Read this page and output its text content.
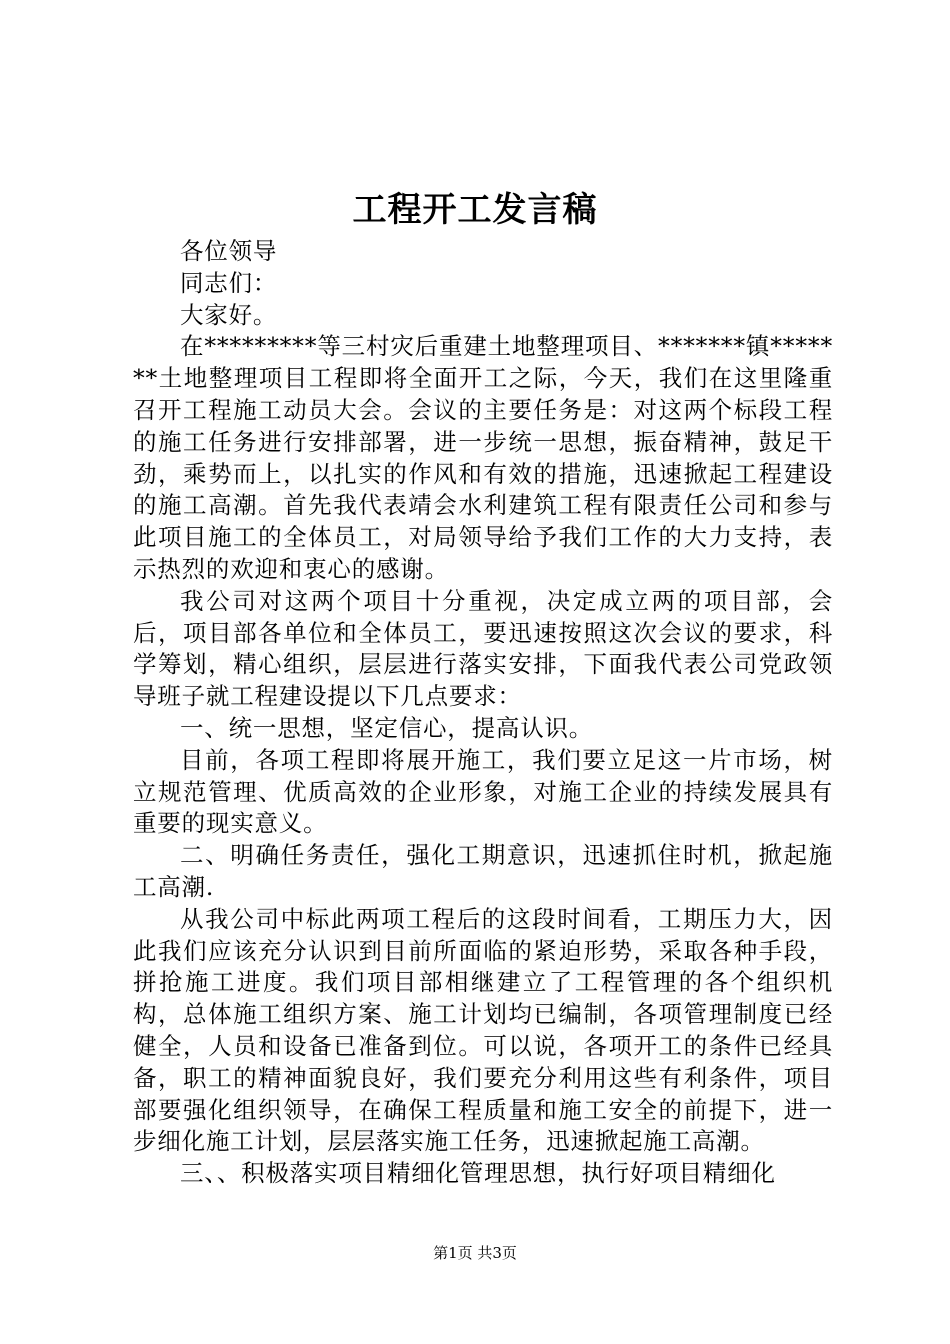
工程开工发言稿

各位领导

同志们：

大家好。

在*********等三村灾后重建土地整理项目、*******镇*******土地整理项目工程即将全面开工之际，今天，我们在这里隆重召开工程施工动员大会。会议的主要任务是：对这两个标段工程的施工任务进行安排部署，进一步统一思想，振奋精神，鼓足干劲，乘势而上，以扎实的作风和有效的措施，迅速掀起工程建设的施工高潮。首先我代表靖会水利建筑工程有限责任公司和参与此项目施工的全体员工，对局领导给予我们工作的大力支持，表示热烈的欢迎和衷心的感谢。

我公司对这两个项目十分重视，决定成立两的项目部，会后，项目部各单位和全体员工，要迅速按照这次会议的要求，科学筹划，精心组织，层层进行落实安排，下面我代表公司党政领导班子就工程建设提以下几点要求：

一、统一思想，坚定信心，提高认识。

目前，各项工程即将展开施工，我们要立足这一片市场，树立规范管理、优质高效的企业形象，对施工企业的持续发展具有重要的现实意义。

二、明确任务责任，强化工期意识，迅速抓住时机，掀起施工高潮.

从我公司中标此两项工程后的这段时间看，工期压力大，因此我们应该充分认识到目前所面临的紧迫形势，采取各种手段，拼抢施工进度。我们项目部相继建立了工程管理的各个组织机构，总体施工组织方案、施工计划均已编制，各项管理制度已经健全，人员和设备已准备到位。可以说，各项开工的条件已经具备，职工的精神面貌良好，我们要充分利用这些有利条件，项目部要强化组织领导，在确保工程质量和施工安全的前提下，进一步细化施工计划，层层落实施工任务，迅速掀起施工高潮。

三、、积极落实项目精细化管理思想，执行好项目精细化

第1页 共3页
